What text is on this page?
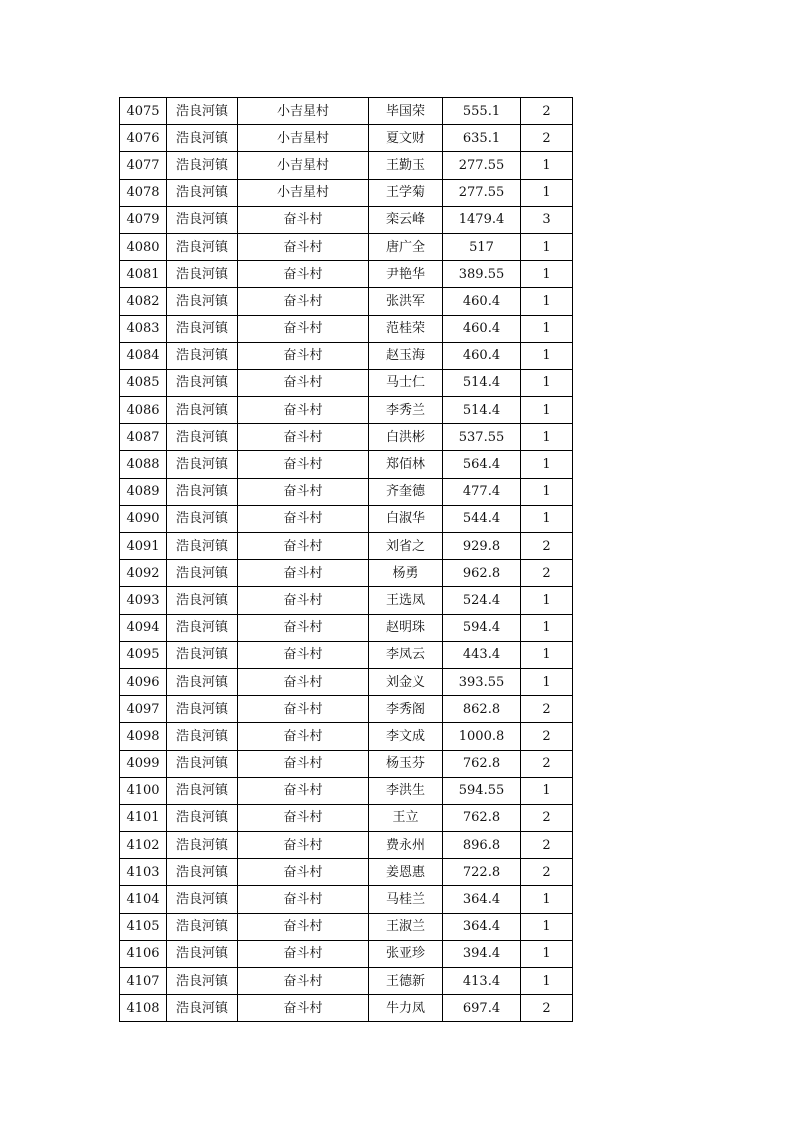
4075	浩良河镇	小吉星村	毕国荣	555.1	2
4076	浩良河镇	小吉星村	夏文财	635.1	2
4077	浩良河镇	小吉星村	王勤玉	277.55	1
4078	浩良河镇	小吉星村	王学菊	277.55	1
4079	浩良河镇	奋斗村	栾云峰	1479.4	3
4080	浩良河镇	奋斗村	唐广全	517	1
4081	浩良河镇	奋斗村	尹艳华	389.55	1
4082	浩良河镇	奋斗村	张洪军	460.4	1
4083	浩良河镇	奋斗村	范桂荣	460.4	1
4084	浩良河镇	奋斗村	赵玉海	460.4	1
4085	浩良河镇	奋斗村	马士仁	514.4	1
4086	浩良河镇	奋斗村	李秀兰	514.4	1
4087	浩良河镇	奋斗村	白洪彬	537.55	1
4088	浩良河镇	奋斗村	郑佰林	564.4	1
4089	浩良河镇	奋斗村	齐奎德	477.4	1
4090	浩良河镇	奋斗村	白淑华	544.4	1
4091	浩良河镇	奋斗村	刘省之	929.8	2
4092	浩良河镇	奋斗村	杨勇	962.8	2
4093	浩良河镇	奋斗村	王选凤	524.4	1
4094	浩良河镇	奋斗村	赵明珠	594.4	1
4095	浩良河镇	奋斗村	李凤云	443.4	1
4096	浩良河镇	奋斗村	刘金义	393.55	1
4097	浩良河镇	奋斗村	李秀阁	862.8	2
4098	浩良河镇	奋斗村	李文成	1000.8	2
4099	浩良河镇	奋斗村	杨玉芬	762.8	2
4100	浩良河镇	奋斗村	李洪生	594.55	1
4101	浩良河镇	奋斗村	王立	762.8	2
4102	浩良河镇	奋斗村	费永州	896.8	2
4103	浩良河镇	奋斗村	姜恩惠	722.8	2
4104	浩良河镇	奋斗村	马桂兰	364.4	1
4105	浩良河镇	奋斗村	王淑兰	364.4	1
4106	浩良河镇	奋斗村	张亚珍	394.4	1
4107	浩良河镇	奋斗村	王德新	413.4	1
4108	浩良河镇	奋斗村	牛力凤	697.4	2
